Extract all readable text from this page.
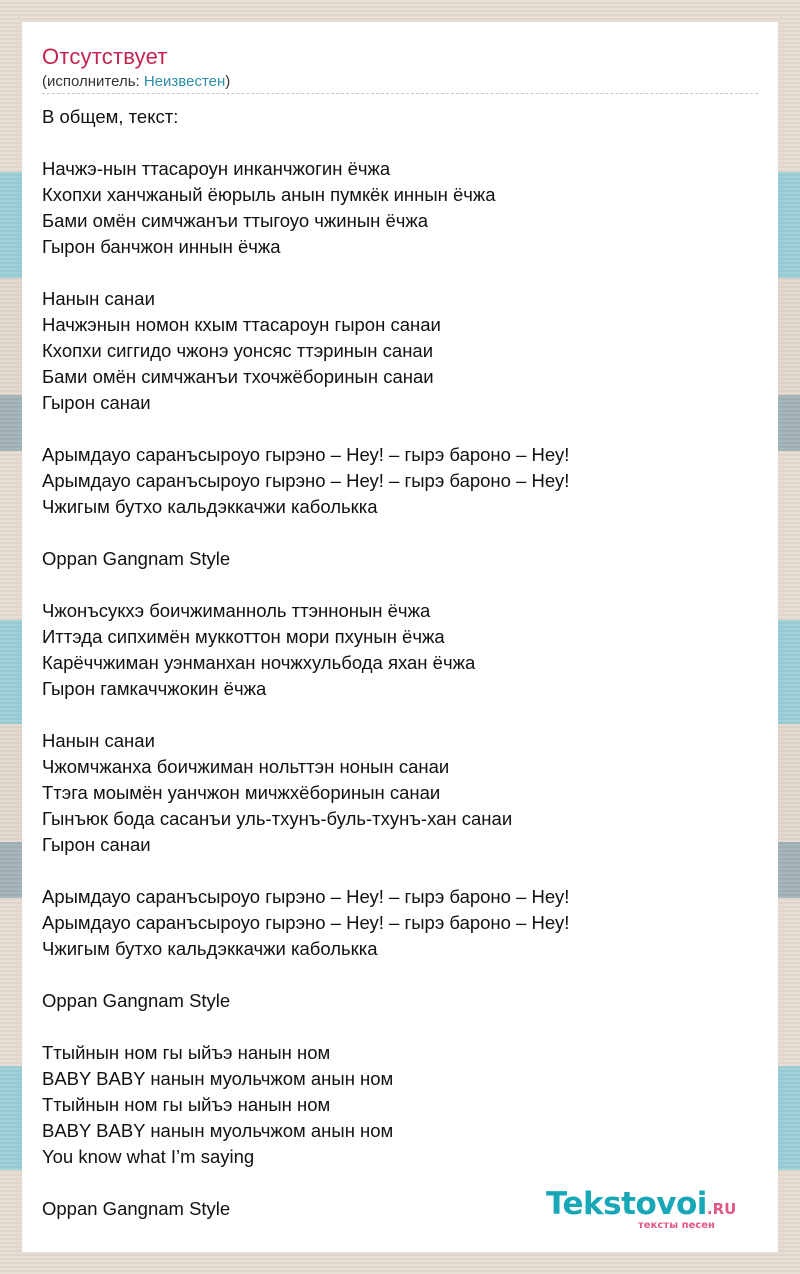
Отсутствует
(исполнитель: Неизвестен)
В общем, текст:
Начжэ-нын ттасароун инканчжогин ёчжа
Кхопхи ханчжаный ёюрыль анын пумкёк иннын ёчжа
Бами омён симчжанъи ттыгоуо чжинын ёчжа
Гырон банчжон иннын ёчжа
Нанын санаи
Начжэнын номон кхым ттасароун гырон санаи
Кхопхи сиггидо чжонэ уонсяс ттэринын санаи
Бами омён симчжанъи тхочжёборинын санаи
Гырон санаи
Арымдауо саранъсыроуо гырэно – Неу! – гырэ бароно – Неу!
Арымдауо саранъсыроуо гырэно – Неу! – гырэ бароно – Неу!
Чжигым бутхо кальдэккачжи каболькка
Oppan Gangnam Style
Чжонъсукхэ боичжиманноль ттэннонын ёчжа
Иттэда сипхимён муккоттон мори пхунын ёчжа
Карёччжиман уэнманхан ночжхульбода яхан ёчжа
Гырон гамкаччжокин ёчжа
Нанын санаи
Чжомчжанха боичжиман нольттэн нонын санаи
Ттэга моымён уанчжон мичжхёборинын санаи
Гынъюк бода сасанъи уль-тхунъ-буль-тхунъ-хан санаи
Гырон санаи
Арымдауо саранъсыроуо гырэно – Неу! – гырэ бароно – Неу!
Арымдауо саранъсыроуо гырэно – Неу! – гырэ бароно – Неу!
Чжигым бутхо кальдэккачжи каболькка
Oppan Gangnam Style
Ттыйнын ном гы ыйъэ нанын ном
BABY BABY нанын муольчжом анын ном
Ттыйнын ном гы ыйъэ нанын ном
BABY BABY нанын муольчжом анын ном
You know what I’m saying
Oppan Gangnam Style	Tekstovoi.RU
тексты песен
